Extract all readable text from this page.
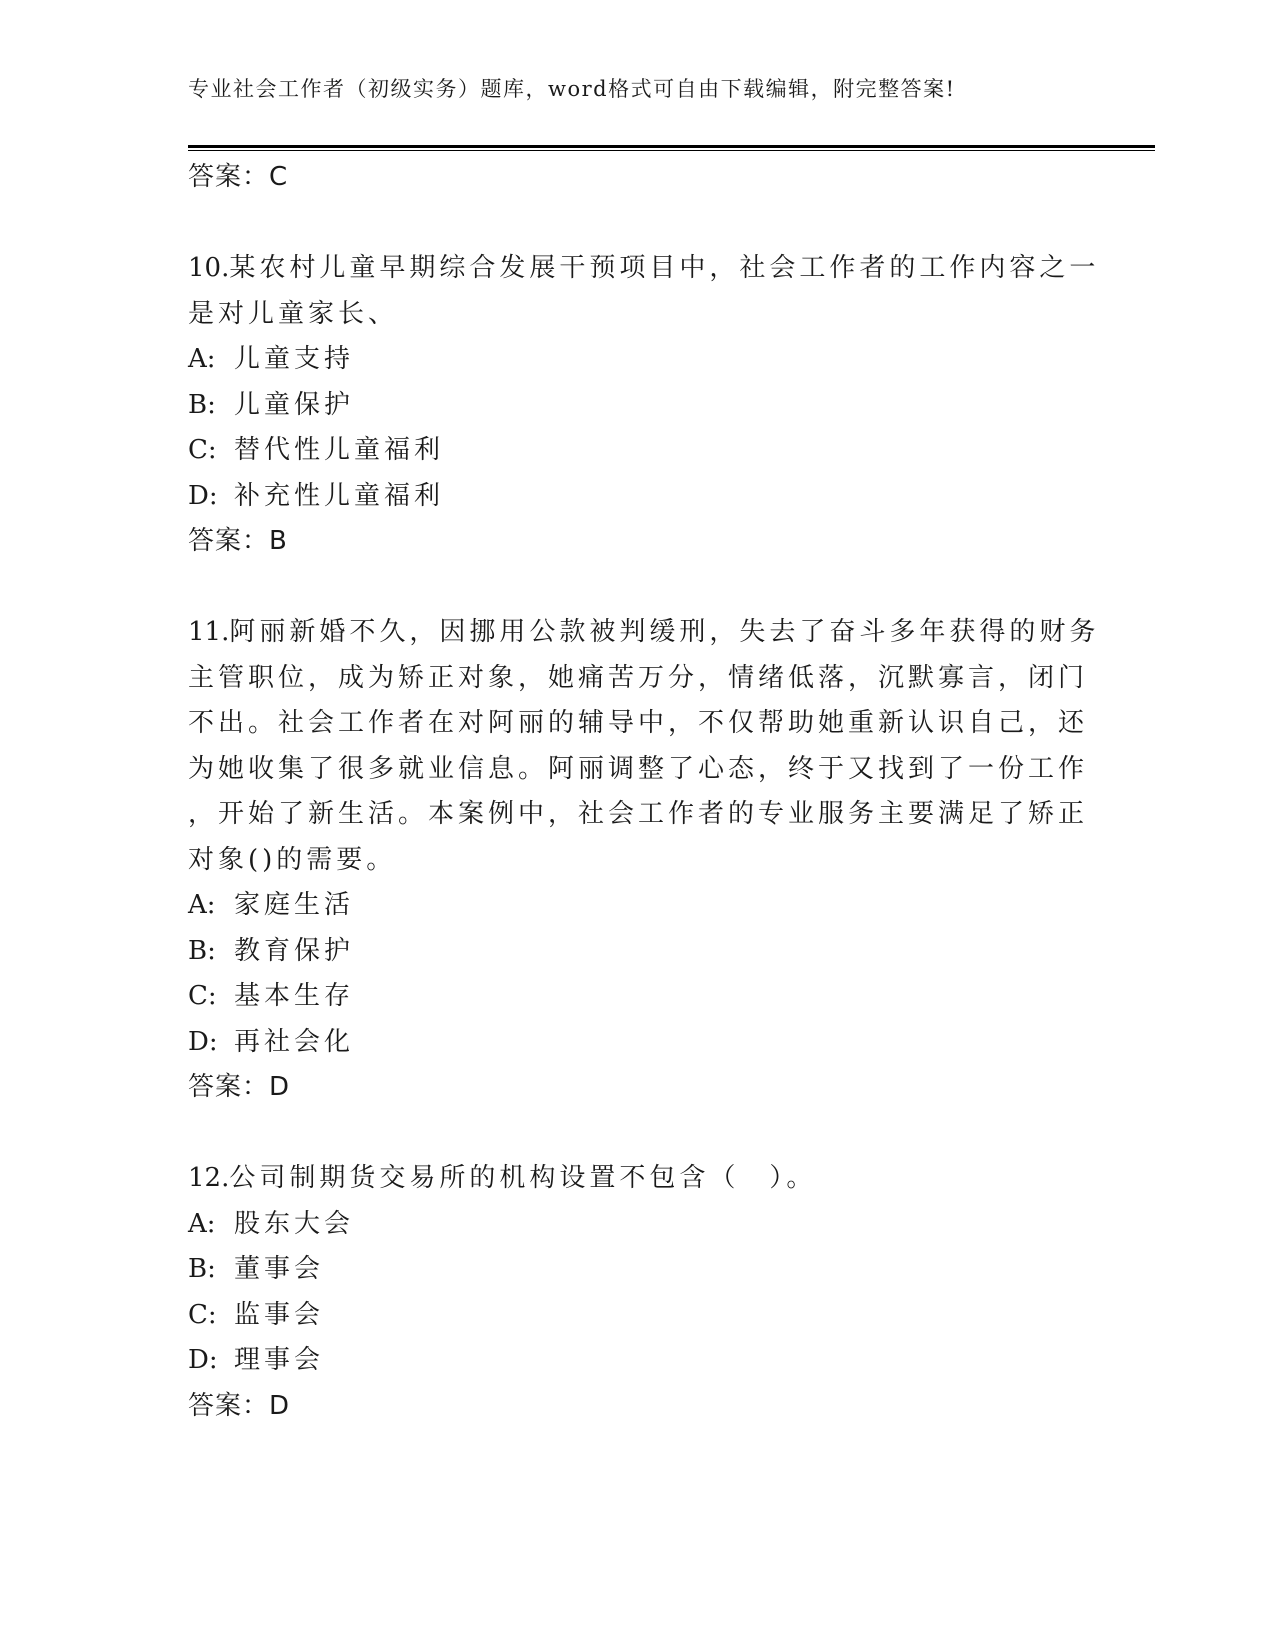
专业社会工作者（初级实务）题库，word格式可自由下载编辑，附完整答案!
答案：C
10.某农村儿童早期综合发展干预项目中，社会工作者的工作内容之一
是对儿童家长、
A: 儿童支持
B: 儿童保护
C: 替代性儿童福利
D: 补充性儿童福利
答案：B
11.阿丽新婚不久，因挪用公款被判缓刑，失去了奋斗多年获得的财务
主管职位，成为矫正对象，她痛苦万分，情绪低落，沉默寡言，闭门
不出。社会工作者在对阿丽的辅导中，不仅帮助她重新认识自己，还
为她收集了很多就业信息。阿丽调整了心态，终于又找到了一份工作
，开始了新生活。本案例中，社会工作者的专业服务主要满足了矫正
对象()的需要。
A: 家庭生活
B: 教育保护
C: 基本生存
D: 再社会化
答案：D
12.公司制期货交易所的机构设置不包含（　）。
A: 股东大会
B: 董事会
C: 监事会
D: 理事会
答案：D
